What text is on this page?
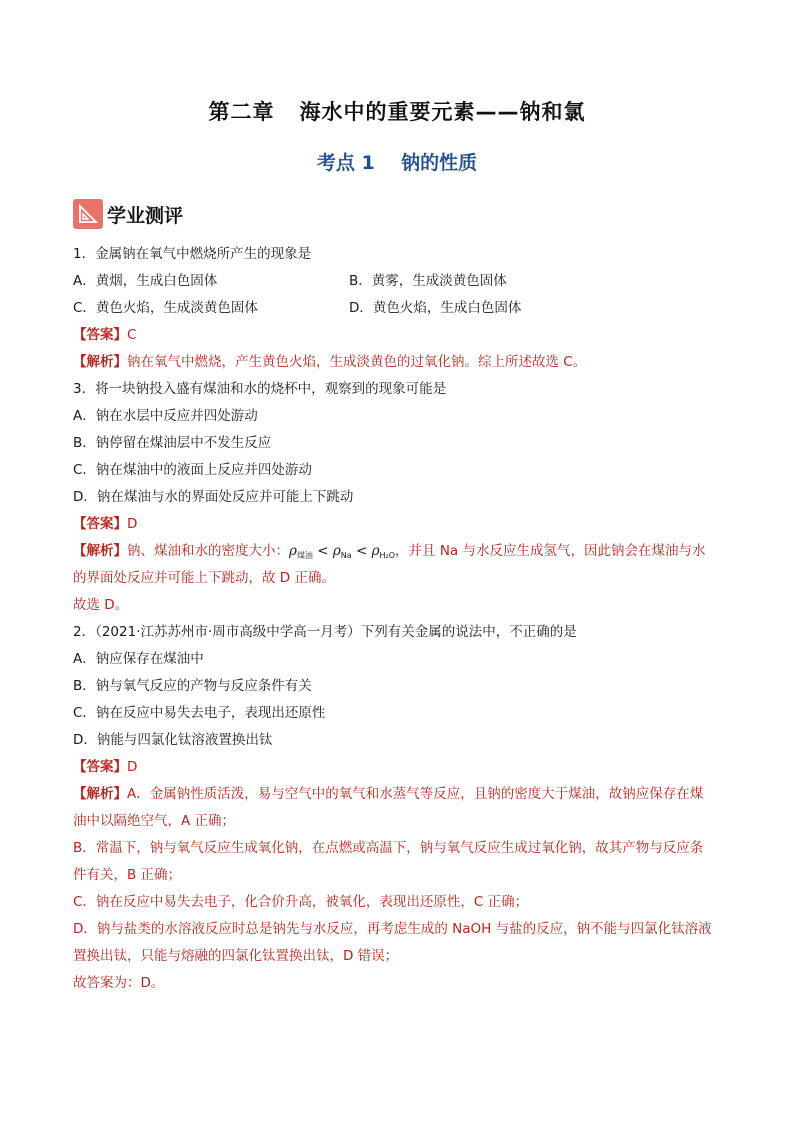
第二章   海水中的重要元素——钠和氯
考点 1    钠的性质
学业测评
1．金属钠在氧气中燃烧所产生的现象是
A．黄烟，生成白色固体	B．黄雾，生成淡黄色固体
C．黄色火焰，生成淡黄色固体	D．黄色火焰，生成白色固体
【答案】C
【解析】钠在氧气中燃烧，产生黄色火焰，生成淡黄色的过氧化钠。综上所述故选 C。
3．将一块钠投入盛有煤油和水的烧杯中，观察到的现象可能是
A．钠在水层中反应并四处游动
B．钠停留在煤油层中不发生反应
C．钠在煤油中的液面上反应并四处游动
D．钠在煤油与水的界面处反应并可能上下跳动
【答案】D
【解析】钠、煤油和水的密度大小：$\rho_{煤油} < \rho_{Na} < \rho_{H_2O}$，并且 Na 与水反应生成氢气，因此钠会在煤油与水
的界面处反应并可能上下跳动，故 D 正确。
故选 D。
2．（2021·江苏苏州市·周市高级中学高一月考）下列有关金属的说法中，不正确的是
A．钠应保存在煤油中
B．钠与氧气反应的产物与反应条件有关
C．钠在反应中易失去电子，表现出还原性
D．钠能与四氯化钛溶液置换出钛
【答案】D
【解析】A．金属钠性质活泼，易与空气中的氧气和水蒸气等反应，且钠的密度大于煤油，故钠应保存在煤
油中以隔绝空气，A 正确；
B．常温下，钠与氧气反应生成氧化钠，在点燃或高温下，钠与氧气反应生成过氧化钠，故其产物与反应条
件有关，B 正确；
C．钠在反应中易失去电子，化合价升高，被氧化，表现出还原性，C 正确；
D．钠与盐类的水溶液反应时总是钠先与水反应，再考虑生成的 NaOH 与盐的反应，钠不能与四氯化钛溶液
置换出钛，只能与熔融的四氯化钛置换出钛，D 错误；
故答案为：D。
